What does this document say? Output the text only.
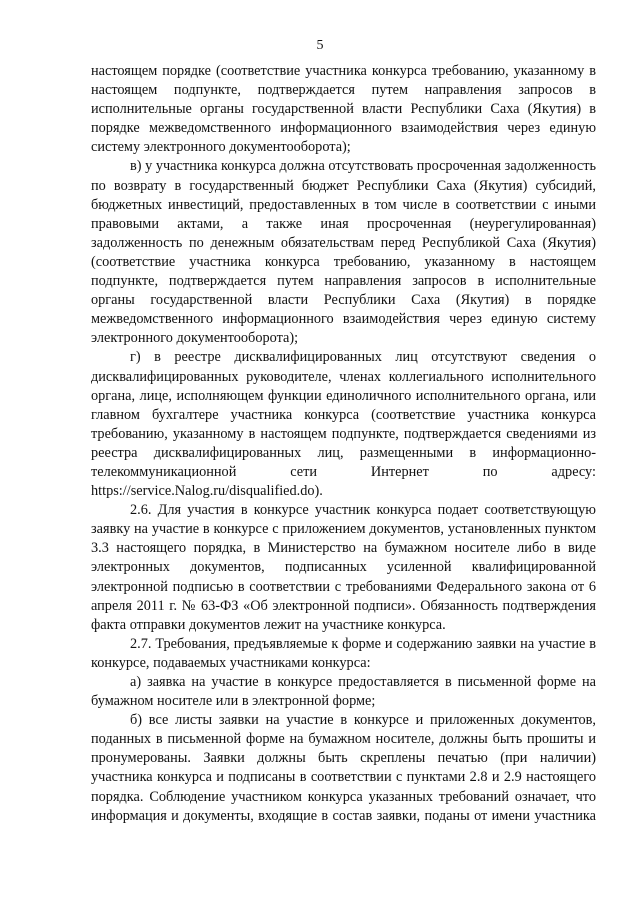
5

настоящем порядке (соответствие участника конкурса требованию, указанному в настоящем подпункте, подтверждается путем направления запросов в исполнительные органы государственной власти Республики Саха (Якутия) в порядке межведомственного информационного взаимодействия через единую систему электронного документооборота);

в) у участника конкурса должна отсутствовать просроченная задолженность по возврату в государственный бюджет Республики Саха (Якутия) субсидий, бюджетных инвестиций, предоставленных в том числе в соответствии с иными правовыми актами, а также иная просроченная (неурегулированная) задолженность по денежным обязательствам перед Республикой Саха (Якутия) (соответствие участника конкурса требованию, указанному в настоящем подпункте, подтверждается путем направления запросов в исполнительные органы государственной власти Республики Саха (Якутия) в порядке межведомственного информационного взаимодействия через единую систему электронного документооборота);

г) в реестре дисквалифицированных лиц отсутствуют сведения о дисквалифицированных руководителе, членах коллегиального исполнительного органа, лице, исполняющем функции единоличного исполнительного органа, или главном бухгалтере участника конкурса (соответствие участника конкурса требованию, указанному в настоящем подпункте, подтверждается сведениями из реестра дисквалифицированных лиц, размещенными в информационно-телекоммуникационной сети Интернет по адресу: https://service.Nalog.ru/disqualified.do).

2.6. Для участия в конкурсе участник конкурса подает соответствующую заявку на участие в конкурсе с приложением документов, установленных пунктом 3.3 настоящего порядка, в Министерство на бумажном носителе либо в виде электронных документов, подписанных усиленной квалифицированной электронной подписью в соответствии с требованиями Федерального закона от 6 апреля 2011 г. № 63-ФЗ «Об электронной подписи». Обязанность подтверждения факта отправки документов лежит на участнике конкурса.

2.7. Требования, предъявляемые к форме и содержанию заявки на участие в конкурсе, подаваемых участниками конкурса:

а) заявка на участие в конкурсе предоставляется в письменной форме на бумажном носителе или в электронной форме;

б) все листы заявки на участие в конкурсе и приложенных документов, поданных в письменной форме на бумажном носителе, должны быть прошиты и пронумерованы. Заявки должны быть скреплены печатью (при наличии) участника конкурса и подписаны в соответствии с пунктами 2.8 и 2.9 настоящего порядка. Соблюдение участником конкурса указанных требований означает, что информация и документы, входящие в состав заявки, поданы от имени участника
